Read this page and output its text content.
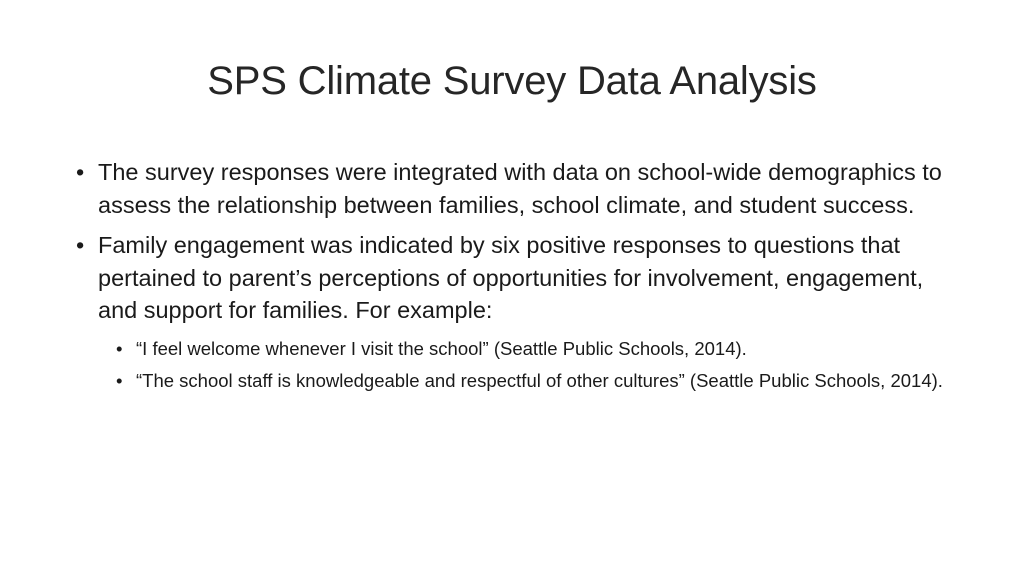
SPS Climate Survey Data Analysis
• The survey responses were integrated with data on school-wide demographics to assess the relationship between families, school climate, and student success.
• Family engagement was indicated by six positive responses to questions that pertained to parent’s perceptions of opportunities for involvement, engagement, and support for families. For example:
• “I feel welcome whenever I visit the school” (Seattle Public Schools, 2014).
• “The school staff is knowledgeable and respectful of other cultures” (Seattle Public Schools, 2014).
